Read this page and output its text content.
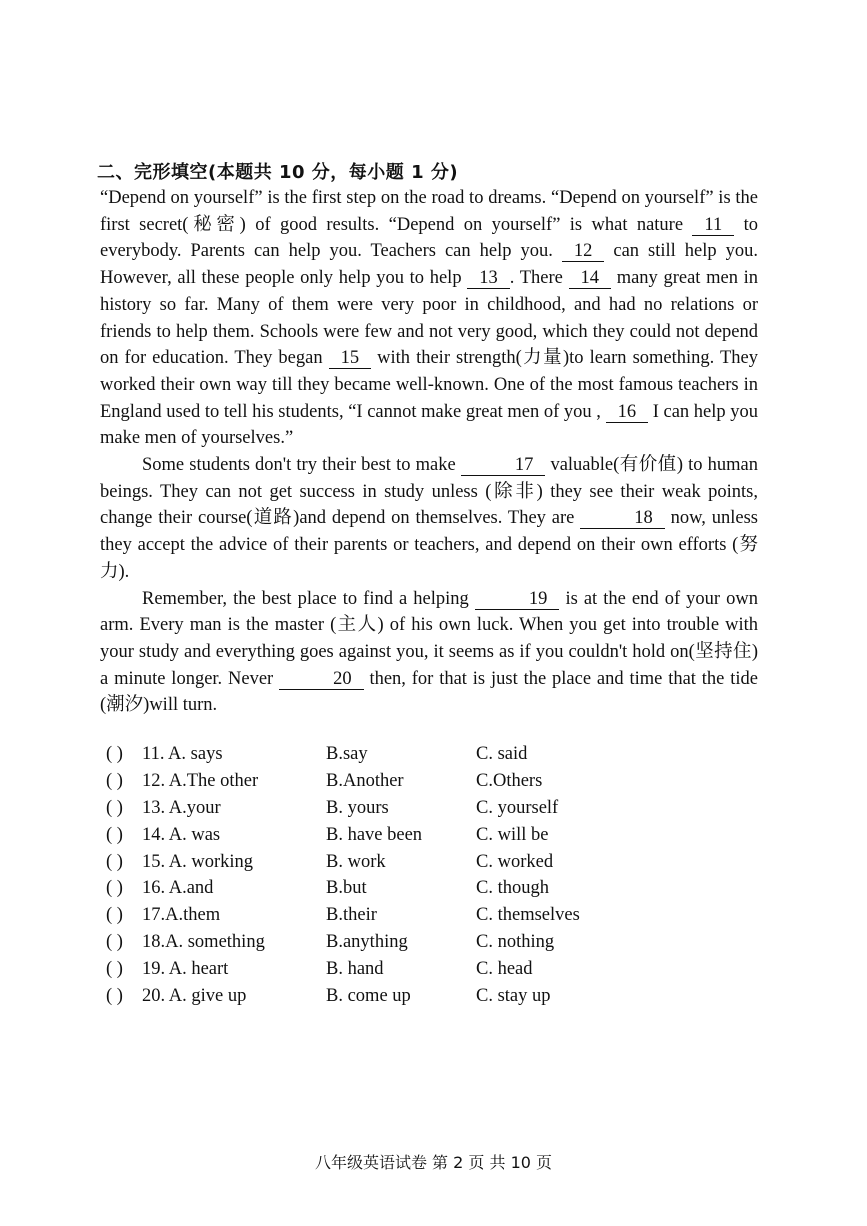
二、完形填空(本题共 10 分，每小题 1 分)

“Depend on yourself” is the first step on the road to dreams. “Depend on yourself” is the first secret(秘密) of good results. “Depend on yourself” is what nature 11 to everybody. Parents can help you. Teachers can help you. 12 can still help you. However, all these people only help you to help 13 . There 14 many great men in history so far. Many of them were very poor in childhood, and had no relations or friends to help them. Schools were few and not very good, which they could not depend on for education. They began 15 with their strength(力量)to learn something. They worked their own way till they became well-known. One of the most famous teachers in England used to tell his students, “I cannot make great men of you , 16 I can help you make men of yourselves.”

Some students don't try their best to make	17 valuable(有价值) to human beings. They can not get success in study unless (除非) they see their weak points, change their course(道路)and depend on themselves. They are	18 now, unless they accept the advice of their parents or teachers, and depend on their own efforts (努力).

Remember, the best place to find a helping	19 is at the end of your own arm. Every man is the master (主人) of his own luck. When you get into trouble with your study and everything goes against you, it seems as if you couldn't hold on(坚持住) a minute longer. Never	20 then, for that is just the place and time that the tide (潮汐)will turn.

( ) 11. A. says	B.say	C. said
( ) 12. A.The other	B.Another	C.Others
( ) 13. A.your	B. yours	C. yourself
( ) 14. A. was	B. have been	C. will be
( ) 15. A. working	B. work	C. worked
( ) 16. A.and	B.but	C. though
( ) 17.A.them	B.their	C. themselves
( ) 18.A. something	B.anything	C. nothing
( ) 19. A. heart	B. hand	C. head
( ) 20. A. give up	B. come up	C. stay up
八年级英语试卷 第 2 页 共 10 页
